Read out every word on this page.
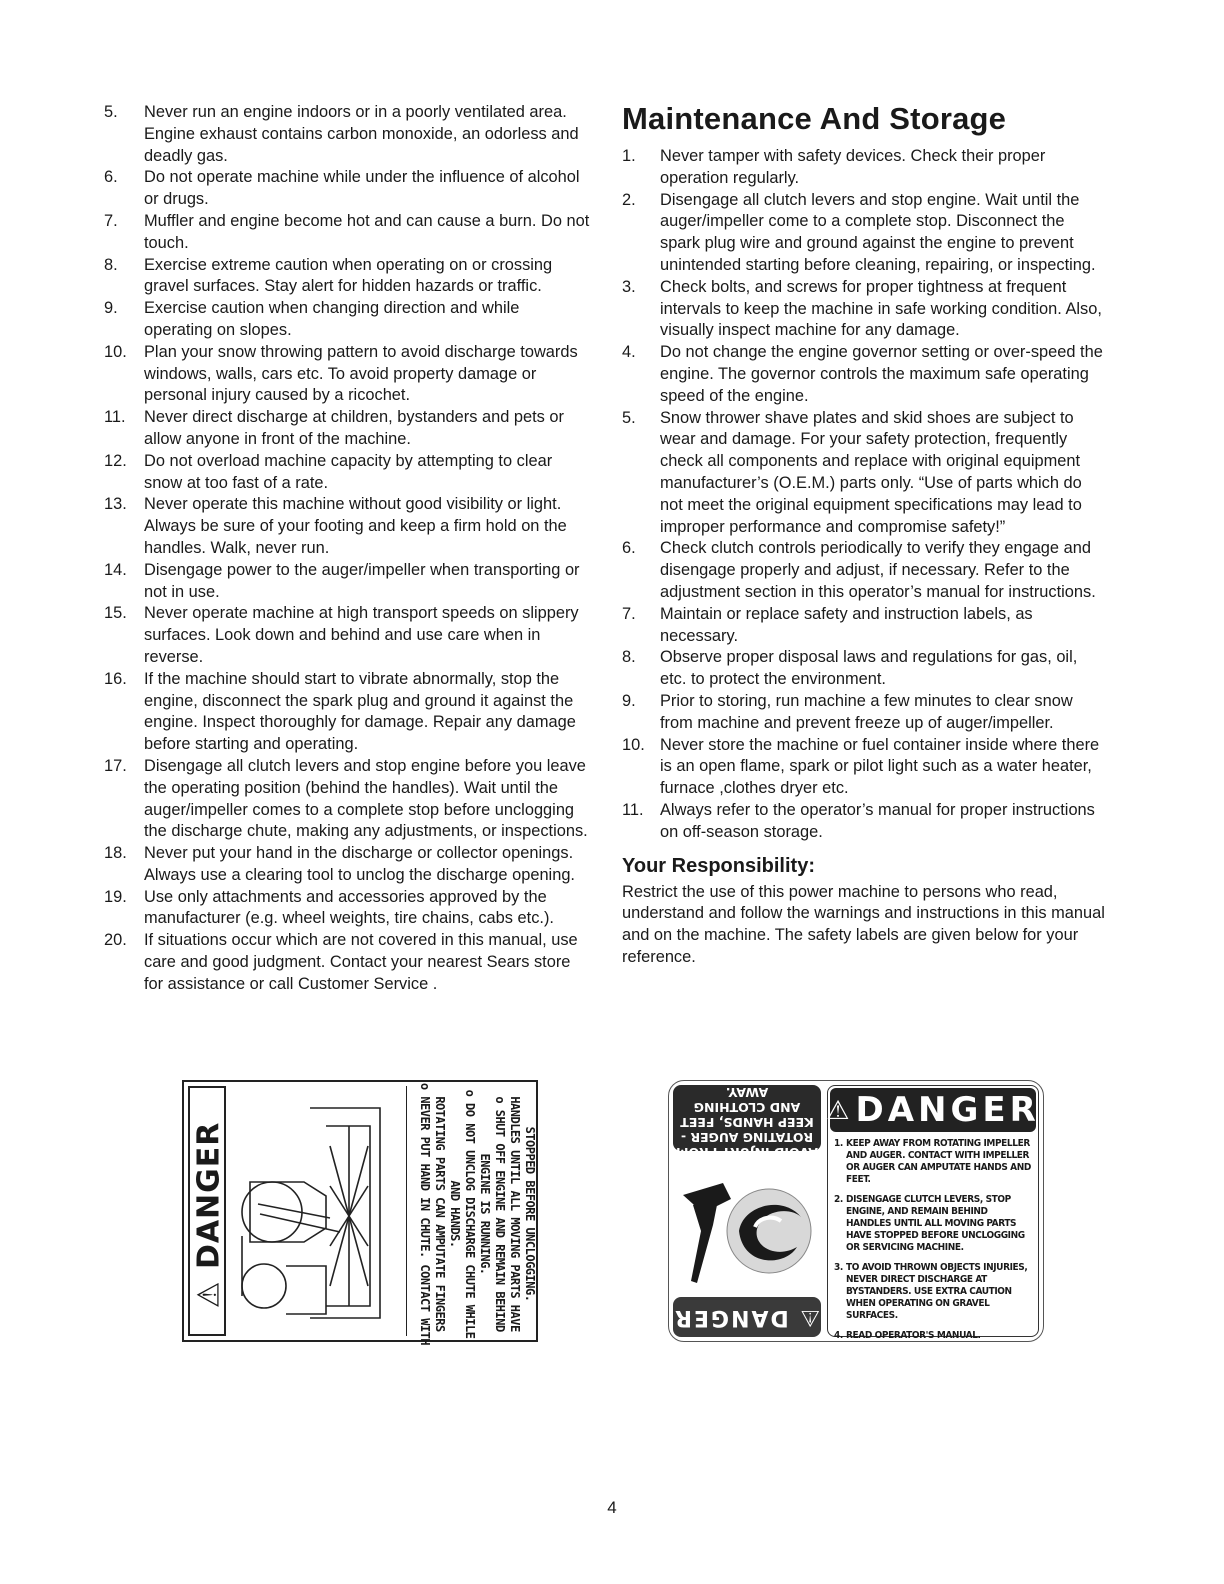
5.	Never run an engine indoors or in a poorly ventilated area. Engine exhaust contains carbon monoxide, an odorless and deadly gas.
6.	Do not operate machine while under the influence of alcohol or drugs.
7.	Muffler and engine become hot and can cause a burn. Do not touch.
8.	Exercise extreme caution when operating on or crossing gravel surfaces. Stay alert for hidden hazards or traffic.
9.	Exercise caution when changing direction and while operating on slopes.
10.	Plan your snow throwing pattern to avoid discharge towards windows, walls, cars etc. To avoid property damage or personal injury caused by a ricochet.
11.	Never direct discharge at children, bystanders and pets or allow anyone in front of the machine.
12.	Do not overload machine capacity by attempting to clear snow at too fast of a rate.
13.	Never operate this machine without good visibility or light. Always be sure of your footing and keep a firm hold on the handles. Walk, never run.
14.	Disengage power to the auger/impeller when transporting or not in use.
15.	Never operate machine at high transport speeds on slippery surfaces. Look down and behind and use care when in reverse.
16.	If the machine should start to vibrate abnormally, stop the engine, disconnect the spark plug and ground it against the engine. Inspect thoroughly for damage. Repair any damage before starting and operating.
17.	Disengage all clutch levers and stop engine before you leave the operating position (behind the handles). Wait until the auger/impeller comes to a complete stop before unclogging the discharge chute, making any adjustments, or inspections.
18.	Never put your hand in the discharge or collector openings. Always use a clearing tool to unclog the discharge opening.
19.	Use only attachments and accessories approved by the manufacturer (e.g. wheel weights, tire chains, cabs etc.).
20.	If situations occur which are not covered in this manual, use care and good judgment. Contact your nearest Sears store for assistance or call Customer Service .
Maintenance And Storage
1.	Never tamper with safety devices. Check their proper operation regularly.
2.	Disengage all clutch levers and stop engine. Wait until the auger/impeller come to a complete stop. Disconnect the spark plug wire and ground against the engine to prevent unintended starting before cleaning, repairing, or inspecting.
3.	Check bolts, and screws for proper tightness at frequent intervals to keep the machine in safe working condition. Also, visually inspect machine for any damage.
4.	Do not change the engine governor setting or over-speed the engine. The governor controls the maximum safe operating speed of the engine.
5.	Snow thrower shave plates and skid shoes are subject to wear and damage. For your safety protection, frequently check all components and replace with original equipment manufacturer’s (O.E.M.) parts only. “Use of parts which do not meet the original equipment specifications may lead to improper performance and compromise safety!”
6.	Check clutch controls periodically to verify they engage and disengage properly and adjust, if necessary. Refer to the adjustment section in this operator’s manual for instructions.
7.	Maintain or replace safety and instruction labels, as necessary.
8.	Observe proper disposal laws and regulations for gas, oil, etc. to protect the environment.
9.	Prior to storing, run machine a few minutes to clear snow from machine and prevent freeze up of auger/impeller.
10. Never store the machine or fuel container inside where there is an open flame, spark or pilot light such as a water heater, furnace ,clothes dryer etc.
11.	Always refer to the operator’s manual for proper instructions on off-season storage.
Your Responsibility:

Restrict the use of this power machine to persons who read, understand and follow the warnings and instructions in this manual and on the machine. The safety labels are given below for your reference.

⚠ DANGER	o NEVER PUT HAND IN CHUTE. CONTACT WITH ROTATING PARTS CAN AMPUTATE FINGERS AND HANDS. o DO NOT UNCLOG DISCHARGE CHUTE WHILE ENGINE IS RUNNING. o SHUT OFF ENGINE AND REMAIN BEHIND HANDLES UNTIL ALL MOVING PARTS HAVE STOPPED BEFORE UNCLOGGING.	AVOID INJURY FROM ROTATING AUGER - KEEP HANDS, FEET AND CLOTHING AWAY.
⚠ DANGER
⚠ DANGER
1. KEEP AWAY FROM ROTATING IMPELLER AND AUGER. CONTACT WITH IMPELLER OR AUGER CAN AMPUTATE HANDS AND FEET.
2. DISENGAGE CLUTCH LEVERS, STOP ENGINE, AND REMAIN BEHIND HANDLES UNTIL ALL MOVING PARTS HAVE STOPPED BEFORE UNCLOGGING OR SERVICING MACHINE.
3. TO AVOID THROWN OBJECTS INJURIES, NEVER DIRECT DISCHARGE AT BYSTANDERS. USE EXTRA CAUTION WHEN OPERATING ON GRAVEL SURFACES.
4. READ OPERATOR'S MANUAL.
4
